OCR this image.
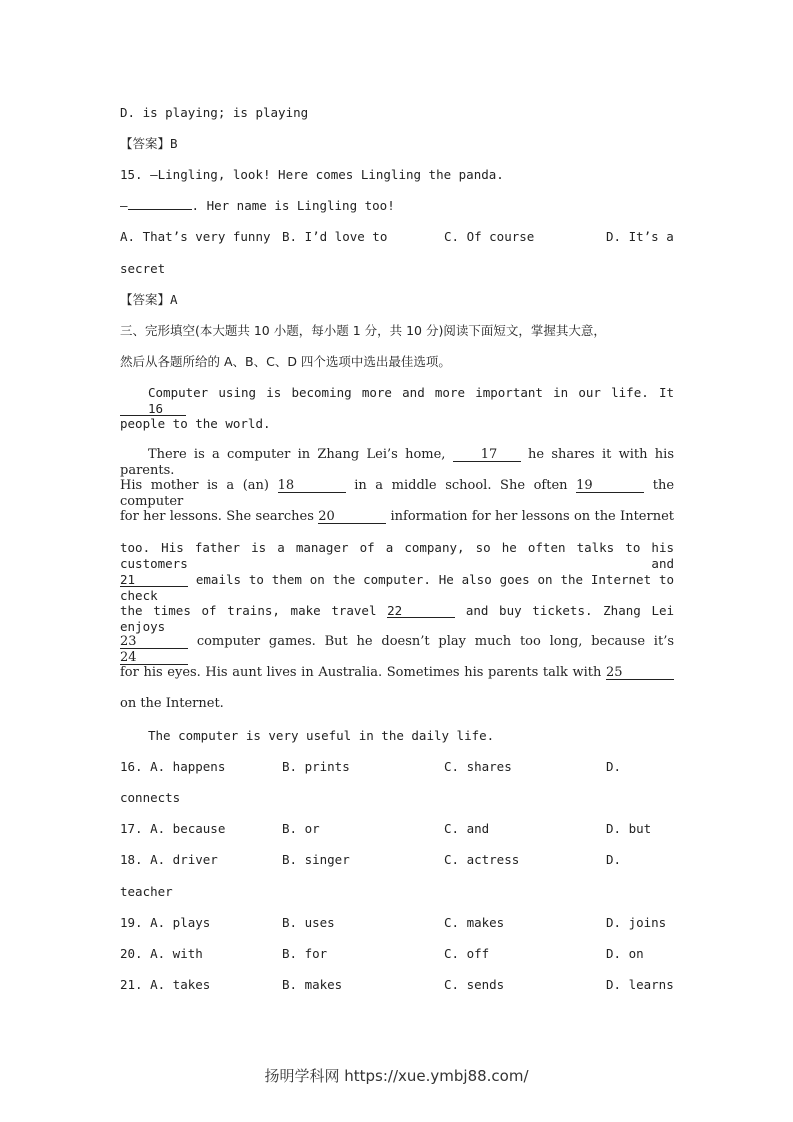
D. is playing; is playing
【答案】B
15. —Lingling, look! Here comes Lingling the panda.
—	. Her name is Lingling too!
A. That’s very funny B. I’d love to	C. Of course	D. It’s a
secret
【答案】A
三、完形填空(本大题共 10 小题，每小题 1 分，共 10 分)阅读下面短文，掌握其大意，
然后从各题所给的 A、B、C、D 四个选项中选出最佳选项。
Computer using is becoming more and more important in our life. It 16
people to the world.
There is a computer in Zhang Lei’s home,	17 he shares it with his parents.
His mother is a (an) 18	in a middle school. She often 19	the computer
for her lessons. She searches 20	information for her lessons on the Internet
too. His father is a manager of a company, so he often talks to his customers and
21	emails to them on the computer. He also goes on the Internet to check
the times of trains, make travel 22	and buy tickets. Zhang Lei enjoys
23	computer games. But he doesn’t play much too long, because it’s 24
for his eyes. His aunt lives in Australia. Sometimes his parents talk with 25
on the Internet.
The computer is very useful in the daily life.
16. A. happens	B. prints	C. shares	D.
connects
17. A. because	B. or	C. and	D. but
18. A. driver	B. singer	C. actress	D.
teacher
19. A. plays	B. uses	C. makes	D. joins
20. A. with	B. for	C. off	D. on
21. A. takes	B. makes	C. sends	D. learns
扬明学科网 https://xue.ymbj88.com/
